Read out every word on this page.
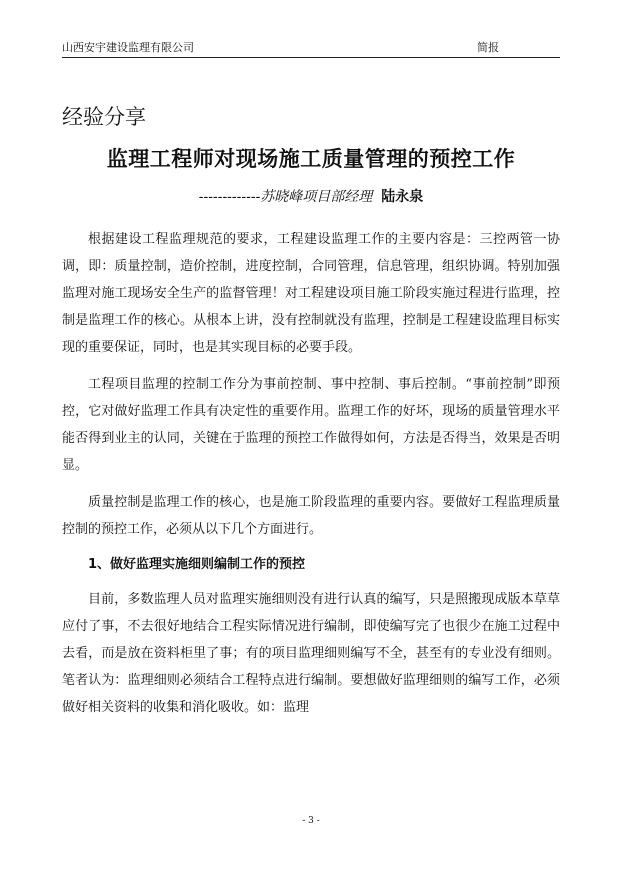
山西安宇建设监理有限公司	简报
经验分享
监理工程师对现场施工质量管理的预控工作
-------------苏晓峰项目部经理 陆永泉

根据建设工程监理规范的要求，工程建设监理工作的主要内容是：三控两管一协调，即：质量控制，造价控制，进度控制，合同管理，信息管理，组织协调。特别加强监理对施工现场安全生产的监督管理！对工程建设项目施工阶段实施过程进行监理，控制是监理工作的核心。从根本上讲，没有控制就没有监理，控制是工程建设监理目标实现的重要保证，同时，也是其实现目标的必要手段。

工程项目监理的控制工作分为事前控制、事中控制、事后控制。“事前控制”即预控，它对做好监理工作具有决定性的重要作用。监理工作的好坏，现场的质量管理水平能否得到业主的认同，关键在于监理的预控工作做得如何，方法是否得当，效果是否明显。

质量控制是监理工作的核心，也是施工阶段监理的重要内容。要做好工程监理质量控制的预控工作，必须从以下几个方面进行。

1、做好监理实施细则编制工作的预控

目前，多数监理人员对监理实施细则没有进行认真的编写，只是照搬现成版本草草应付了事，不去很好地结合工程实际情况进行编制，即使编写完了也很少在施工过程中去看，而是放在资料柜里了事；有的项目监理细则编写不全，甚至有的专业没有细则。笔者认为：监理细则必须结合工程特点进行编制。要想做好监理细则的编写工作，必须做好相关资料的收集和消化吸收。如：监理

- 3 -
